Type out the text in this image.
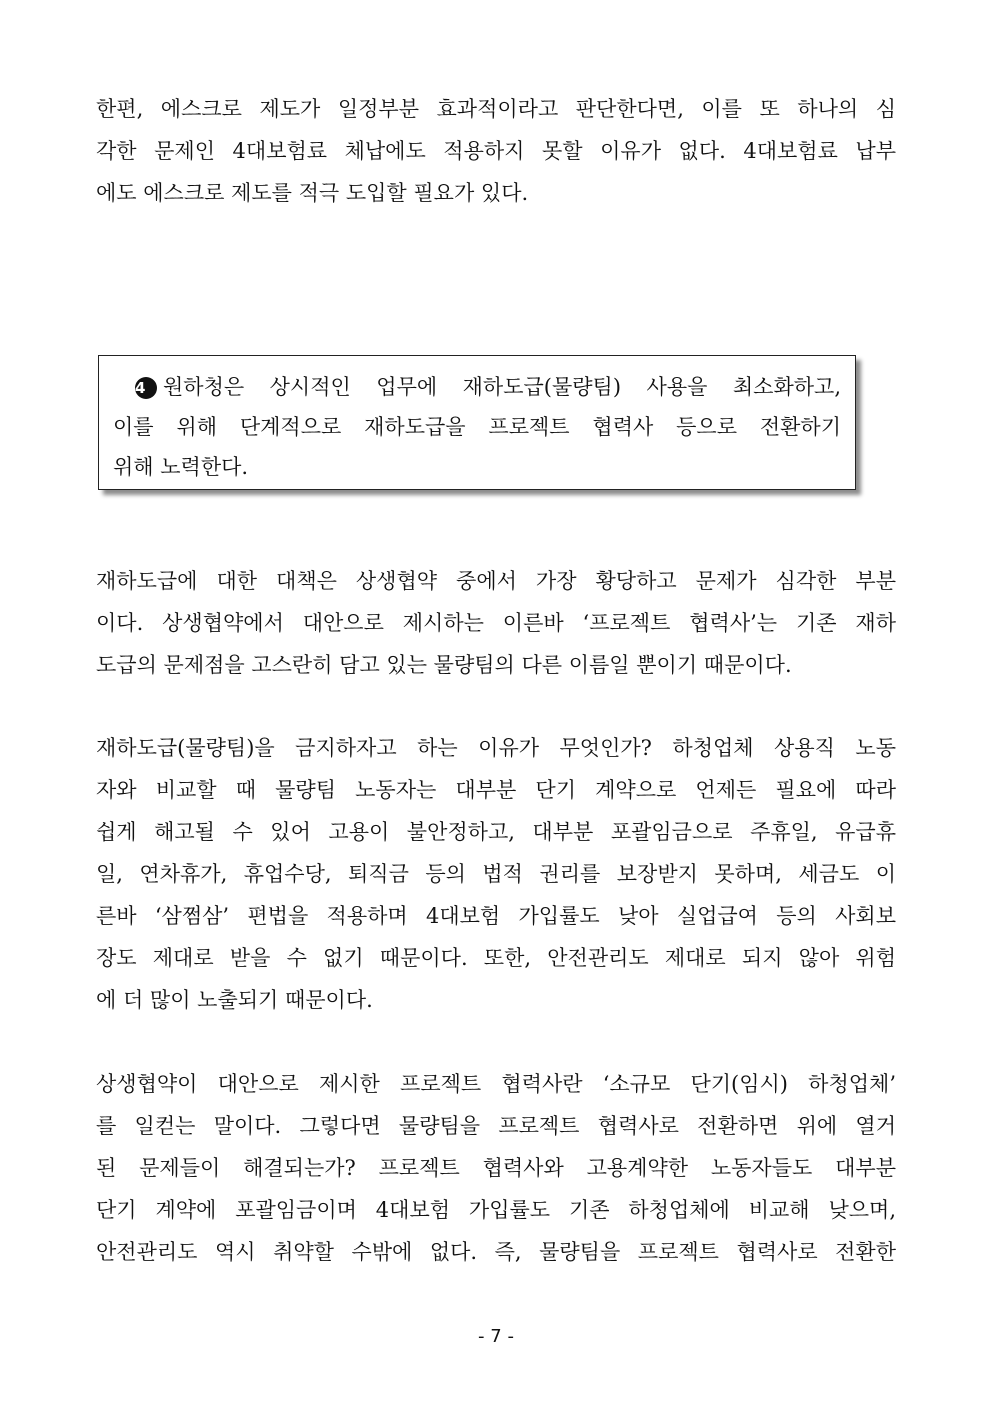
한편, 에스크로 제도가 일정부분 효과적이라고 판단한다면, 이를 또 하나의 심
각한 문제인 4대보험료 체납에도 적용하지 못할 이유가 없다. 4대보험료 납부
에도 에스크로 제도를 적극 도입할 필요가 있다.
4 원하청은 상시적인 업무에 재하도급(물량팀) 사용을 최소화하고,
이를 위해 단계적으로 재하도급을 프로젝트 협력사 등으로 전환하기
위해 노력한다.
재하도급에 대한 대책은 상생협약 중에서 가장 황당하고 문제가 심각한 부분
이다. 상생협약에서 대안으로 제시하는 이른바 ‘프로젝트 협력사’는 기존 재하
도급의 문제점을 고스란히 담고 있는 물량팀의 다른 이름일 뿐이기 때문이다.
재하도급(물량팀)을 금지하자고 하는 이유가 무엇인가? 하청업체 상용직 노동
자와 비교할 때 물량팀 노동자는 대부분 단기 계약으로 언제든 필요에 따라
쉽게 해고될 수 있어 고용이 불안정하고, 대부분 포괄임금으로 주휴일, 유급휴
일, 연차휴가, 휴업수당, 퇴직금 등의 법적 권리를 보장받지 못하며, 세금도 이
른바 ‘삼쩜삼’ 편법을 적용하며 4대보험 가입률도 낮아 실업급여 등의 사회보
장도 제대로 받을 수 없기 때문이다. 또한, 안전관리도 제대로 되지 않아 위험
에 더 많이 노출되기 때문이다.
상생협약이 대안으로 제시한 프로젝트 협력사란 ‘소규모 단기(임시) 하청업체’
를 일컫는 말이다. 그렇다면 물량팀을 프로젝트 협력사로 전환하면 위에 열거
된 문제들이 해결되는가? 프로젝트 협력사와 고용계약한 노동자들도 대부분
단기 계약에 포괄임금이며 4대보험 가입률도 기존 하청업체에 비교해 낮으며,
안전관리도 역시 취약할 수밖에 없다. 즉, 물량팀을 프로젝트 협력사로 전환한
- 7 -
